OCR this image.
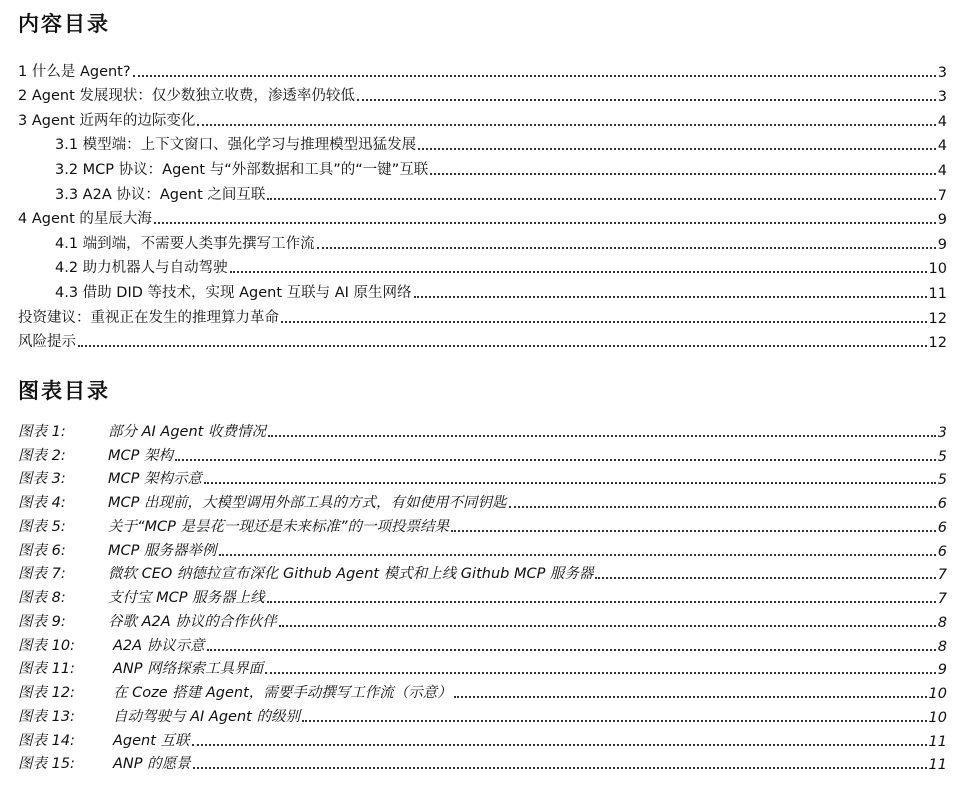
内容目录
1 什么是 Agent?	3
2 Agent 发展现状：仅少数独立收费，渗透率仍较低	3
3 Agent 近两年的边际变化	4
3.1 模型端：上下文窗口、强化学习与推理模型迅猛发展	4
3.2 MCP 协议：Agent 与“外部数据和工具”的“一键”互联	4
3.3 A2A 协议：Agent 之间互联	7
4 Agent 的星辰大海	9
4.1 端到端，不需要人类事先撰写工作流	9
4.2 助力机器人与自动驾驶	10
4.3 借助 DID 等技术，实现 Agent 互联与 AI 原生网络	11
投资建议：重视正在发生的推理算力革命	12
风险提示	12
图表目录
图表 1:	部分 AI Agent 收费情况	3
图表 2:	MCP 架构	5
图表 3:	MCP 架构示意	5
图表 4:	MCP 出现前，大模型调用外部工具的方式，有如使用不同钥匙	6
图表 5:	关于“MCP 是昙花一现还是未来标准”的一项投票结果	6
图表 6:	MCP 服务器举例	6
图表 7:	微软 CEO 纳德拉宣布深化 Github Agent 模式和上线 Github MCP 服务器	7
图表 8:	支付宝 MCP 服务器上线	7
图表 9:	谷歌 A2A 协议的合作伙伴	8
图表 10:	A2A 协议示意	8
图表 11:	ANP 网络探索工具界面	9
图表 12:	在 Coze 搭建 Agent，需要手动撰写工作流（示意）	10
图表 13:	自动驾驶与 AI Agent 的级别	10
图表 14:	Agent 互联	11
图表 15:	ANP 的愿景	11
